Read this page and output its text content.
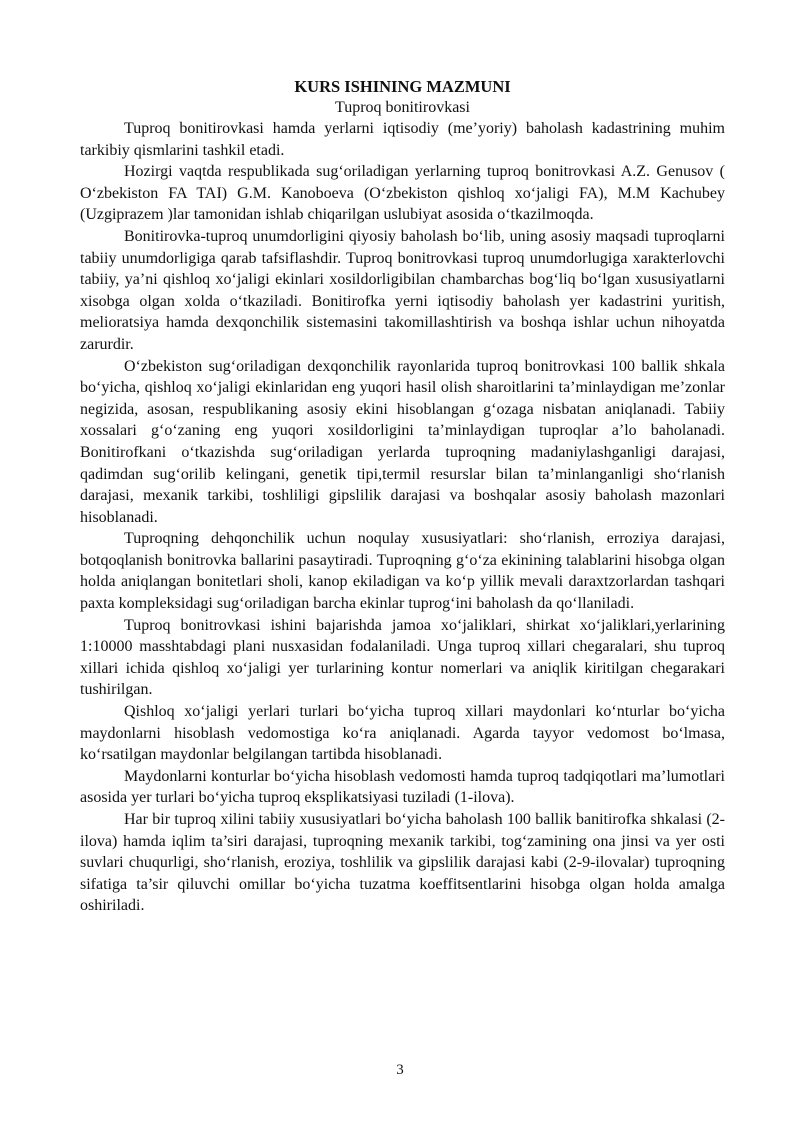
KURS ISHINING MAZMUNI

Tuproq bonitirovkasi

Tuproq bonitirovkasi hamda yerlarni iqtisodiy (me’yoriy) baholash kadastrining muhim tarkibiy qismlarini tashkil etadi.

Hozirgi vaqtda respublikada sug‘oriladigan yerlarning tuproq bonitrovkasi A.Z. Genusov ( O‘zbekiston FA TAI) G.M. Kanoboeva (O‘zbekiston qishloq xo‘jaligi FA), M.M Kachubey (Uzgiprazem )lar tamonidan ishlab chiqarilgan uslubiyat asosida o‘tkazilmoqda.

Bonitirovka-tuproq unumdorligini qiyosiy baholash bo‘lib, uning asosiy maqsadi tuproqlarni tabiiy unumdorligiga qarab tafsiflashdir. Tuproq bonitrovkasi tuproq unumdorlugiga xarakterlovchi tabiiy, ya’ni qishloq xo‘jaligi ekinlari xosildorligibilan chambarchas bog‘liq bo‘lgan xususiyatlarni xisobga olgan xolda o‘tkaziladi. Bonitirofka yerni iqtisodiy baholash yer kadastrini yuritish, melioratsiya hamda dexqonchilik sistemasini takomillashtirish va boshqa ishlar uchun nihoyatda zarurdir.

O‘zbekiston sug‘oriladigan dexqonchilik rayonlarida tuproq bonitrovkasi 100 ballik shkala bo‘yicha, qishloq xo‘jaligi ekinlaridan eng yuqori hasil olish sharoitlarini ta’minlaydigan me’zonlar negizida, asosan, respublikaning asosiy ekini hisoblangan g‘ozaga nisbatan aniqlanadi. Tabiiy xossalari g‘o‘zaning eng yuqori xosildorligini ta’minlaydigan tuproqlar a’lo baholanadi. Bonitirofkani o‘tkazishda sug‘oriladigan yerlarda tuproqning madaniylashganligi darajasi, qadimdan sug‘orilib kelingani, genetik tipi,termil resurslar bilan ta’minlanganligi sho‘rlanish darajasi, mexanik tarkibi, toshliligi gipslilik darajasi va boshqalar asosiy baholash mazonlari hisoblanadi.

Tuproqning dehqonchilik uchun noqulay xususiyatlari: sho‘rlanish, erroziya darajasi, botqoqlanish bonitrovka ballarini pasaytiradi. Tuproqning g‘o‘za ekinining talablarini hisobga olgan holda aniqlangan bonitetlari sholi, kanop ekiladigan va ko‘p yillik mevali daraxtzorlardan tashqari paxta kompleksidagi sug‘oriladigan barcha ekinlar tuprog‘ini baholash da qo‘llaniladi.

Tuproq bonitrovkasi ishini bajarishda jamoa xo‘jaliklari, shirkat xo‘jaliklari,yerlarining 1:10000 masshtabdagi plani nusxasidan fodalaniladi. Unga tuproq xillari chegaralari, shu tuproq xillari ichida qishloq xo‘jaligi yer turlarining kontur nomerlari va aniqlik kiritilgan chegarakari tushirilgan.

Qishloq xo‘jaligi yerlari turlari bo‘yicha tuproq xillari maydonlari ko‘nturlar bo‘yicha maydonlarni hisoblash vedomostiga ko‘ra aniqlanadi. Agarda tayyor vedomost bo‘lmasa, ko‘rsatilgan maydonlar belgilangan tartibda hisoblanadi.

Maydonlarni konturlar bo‘yicha hisoblash vedomosti hamda tuproq tadqiqotlari ma’lumotlari asosida yer turlari bo‘yicha tuproq eksplikatsiyasi tuziladi (1-ilova).

Har bir tuproq xilini tabiiy xususiyatlari bo‘yicha baholash 100 ballik banitirofka shkalasi (2-ilova) hamda iqlim ta’siri darajasi, tuproqning mexanik tarkibi, tog‘zamining ona jinsi va yer osti suvlari chuqurligi, sho‘rlanish, eroziya, toshlilik va gipslilik darajasi kabi (2-9-ilovalar) tuproqning sifatiga ta’sir qiluvchi omillar bo‘yicha tuzatma koeffitsentlarini hisobga olgan holda amalga oshiriladi.

3
